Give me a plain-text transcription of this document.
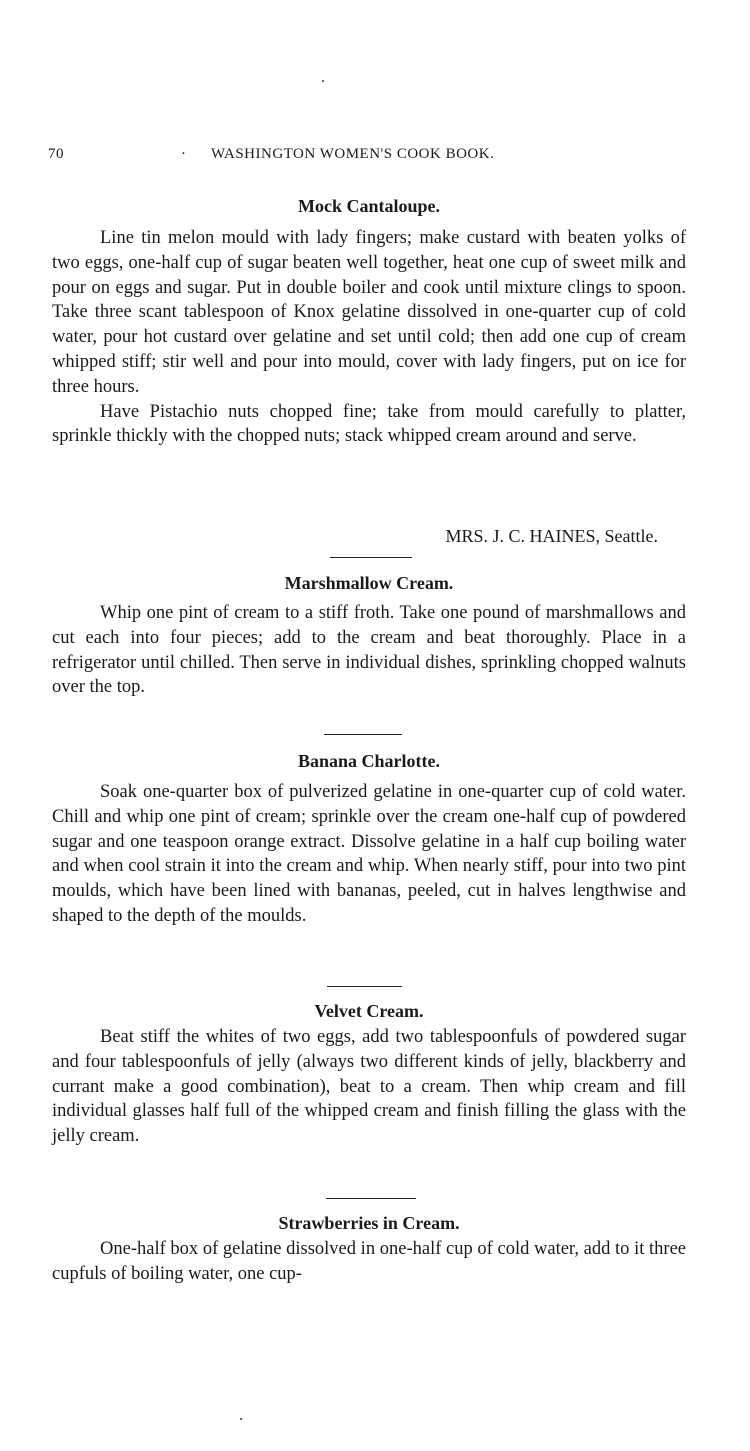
70	· WASHINGTON WOMEN'S COOK BOOK.
Mock Cantaloupe.

Line tin melon mould with lady fingers; make custard with beaten yolks of two eggs, one-half cup of sugar beaten well together, heat one cup of sweet milk and pour on eggs and sugar. Put in double boiler and cook until mixture clings to spoon. Take three scant tablespoon of Knox gelatine dissolved in one-quarter cup of cold water, pour hot custard over gelatine and set until cold; then add one cup of cream whipped stiff; stir well and pour into mould, cover with lady fingers, put on ice for three hours.

Have Pistachio nuts chopped fine; take from mould carefully to platter, sprinkle thickly with the chopped nuts; stack whipped cream around and serve.

MRS. J. C. HAINES, Seattle.
Marshmallow Cream.

Whip one pint of cream to a stiff froth. Take one pound of marshmallows and cut each into four pieces; add to the cream and beat thoroughly. Place in a refrigerator until chilled. Then serve in individual dishes, sprinkling chopped walnuts over the top.

Banana Charlotte.

Soak one-quarter box of pulverized gelatine in one-quarter cup of cold water. Chill and whip one pint of cream; sprinkle over the cream one-half cup of powdered sugar and one teaspoon orange extract. Dissolve gelatine in a half cup boiling water and when cool strain it into the cream and whip. When nearly stiff, pour into two pint moulds, which have been lined with bananas, peeled, cut in halves lengthwise and shaped to the depth of the moulds.

Velvet Cream.

Beat stiff the whites of two eggs, add two tablespoonfuls of powdered sugar and four tablespoonfuls of jelly (always two different kinds of jelly, blackberry and currant make a good combination), beat to a cream. Then whip cream and fill individual glasses half full of the whipped cream and finish filling the glass with the jelly cream.

Strawberries in Cream.

One-half box of gelatine dissolved in one-half cup of cold water, add to it three cupfuls of boiling water, one cup-
